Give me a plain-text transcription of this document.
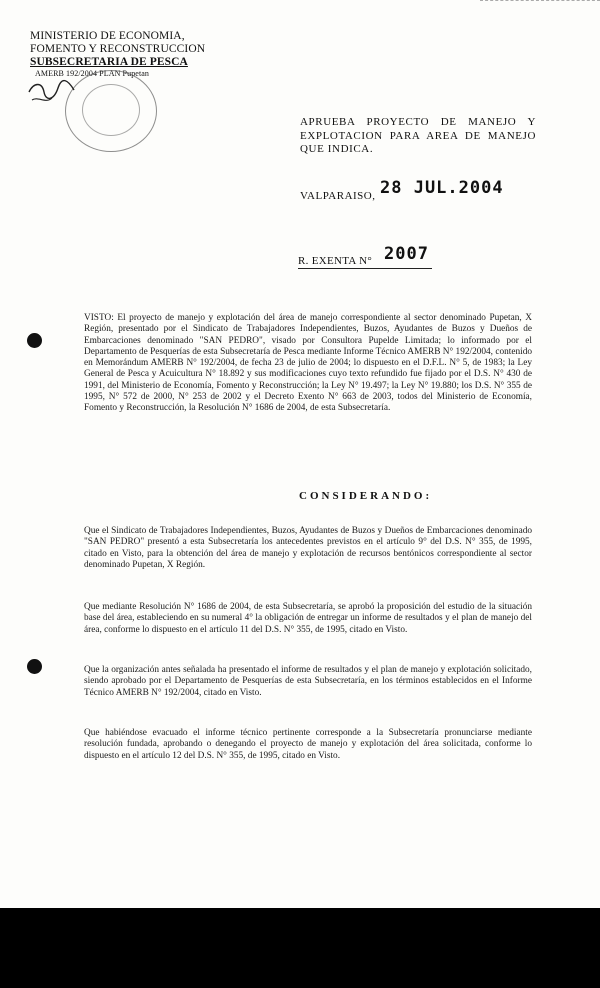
MINISTERIO DE ECONOMIA,
FOMENTO Y RECONSTRUCCION
SUBSECRETARIA DE PESCA
AMERB 192/2004 PLAN Pupetan

APRUEBA PROYECTO DE MANEJO Y EXPLOTACION PARA AREA DE MANEJO QUE INDICA.

VALPARAISO, 28 JUL.2004
R. EXENTA N° 2007

VISTO: El proyecto de manejo y explotación del área de manejo correspondiente al sector denominado Pupetan, X Región, presentado por el Sindicato de Trabajadores Independientes, Buzos, Ayudantes de Buzos y Dueños de Embarcaciones denominado "SAN PEDRO", visado por Consultora Pupelde Limitada; lo informado por el Departamento de Pesquerías de esta Subsecretaría de Pesca mediante Informe Técnico AMERB N° 192/2004, contenido en Memorándum AMERB N° 192/2004, de fecha 23 de julio de 2004; lo dispuesto en el D.F.L. N° 5, de 1983; la Ley General de Pesca y Acuicultura N° 18.892 y sus modificaciones cuyo texto refundido fue fijado por el D.S. N° 430 de 1991, del Ministerio de Economía, Fomento y Reconstrucción; la Ley N° 19.497; la Ley N° 19.880; los D.S. N° 355 de 1995, N° 572 de 2000, N° 253 de 2002 y el Decreto Exento N° 663 de 2003, todos del Ministerio de Economía, Fomento y Reconstrucción, la Resolución N° 1686 de 2004, de esta Subsecretaría.

CONSIDERANDO:

Que el Sindicato de Trabajadores Independientes, Buzos, Ayudantes de Buzos y Dueños de Embarcaciones denominado "SAN PEDRO" presentó a esta Subsecretaría los antecedentes previstos en el artículo 9° del D.S. N° 355, de 1995, citado en Visto, para la obtención del área de manejo y explotación de recursos bentónicos correspondiente al sector denominado Pupetan, X Región.

Que mediante Resolución N° 1686 de 2004, de esta Subsecretaría, se aprobó la proposición del estudio de la situación base del área, estableciendo en su numeral 4° la obligación de entregar un informe de resultados y el plan de manejo del área, conforme lo dispuesto en el artículo 11 del D.S. N° 355, de 1995, citado en Visto.

Que la organización antes señalada ha presentado el informe de resultados y el plan de manejo y explotación solicitado, siendo aprobado por el Departamento de Pesquerías de esta Subsecretaría, en los términos establecidos en el Informe Técnico AMERB N° 192/2004, citado en Visto.

Que habiéndose evacuado el informe técnico pertinente corresponde a la Subsecretaría pronunciarse mediante resolución fundada, aprobando o denegando el proyecto de manejo y explotación del área solicitada, conforme lo dispuesto en el artículo 12 del D.S. N° 355, de 1995, citado en Visto.
